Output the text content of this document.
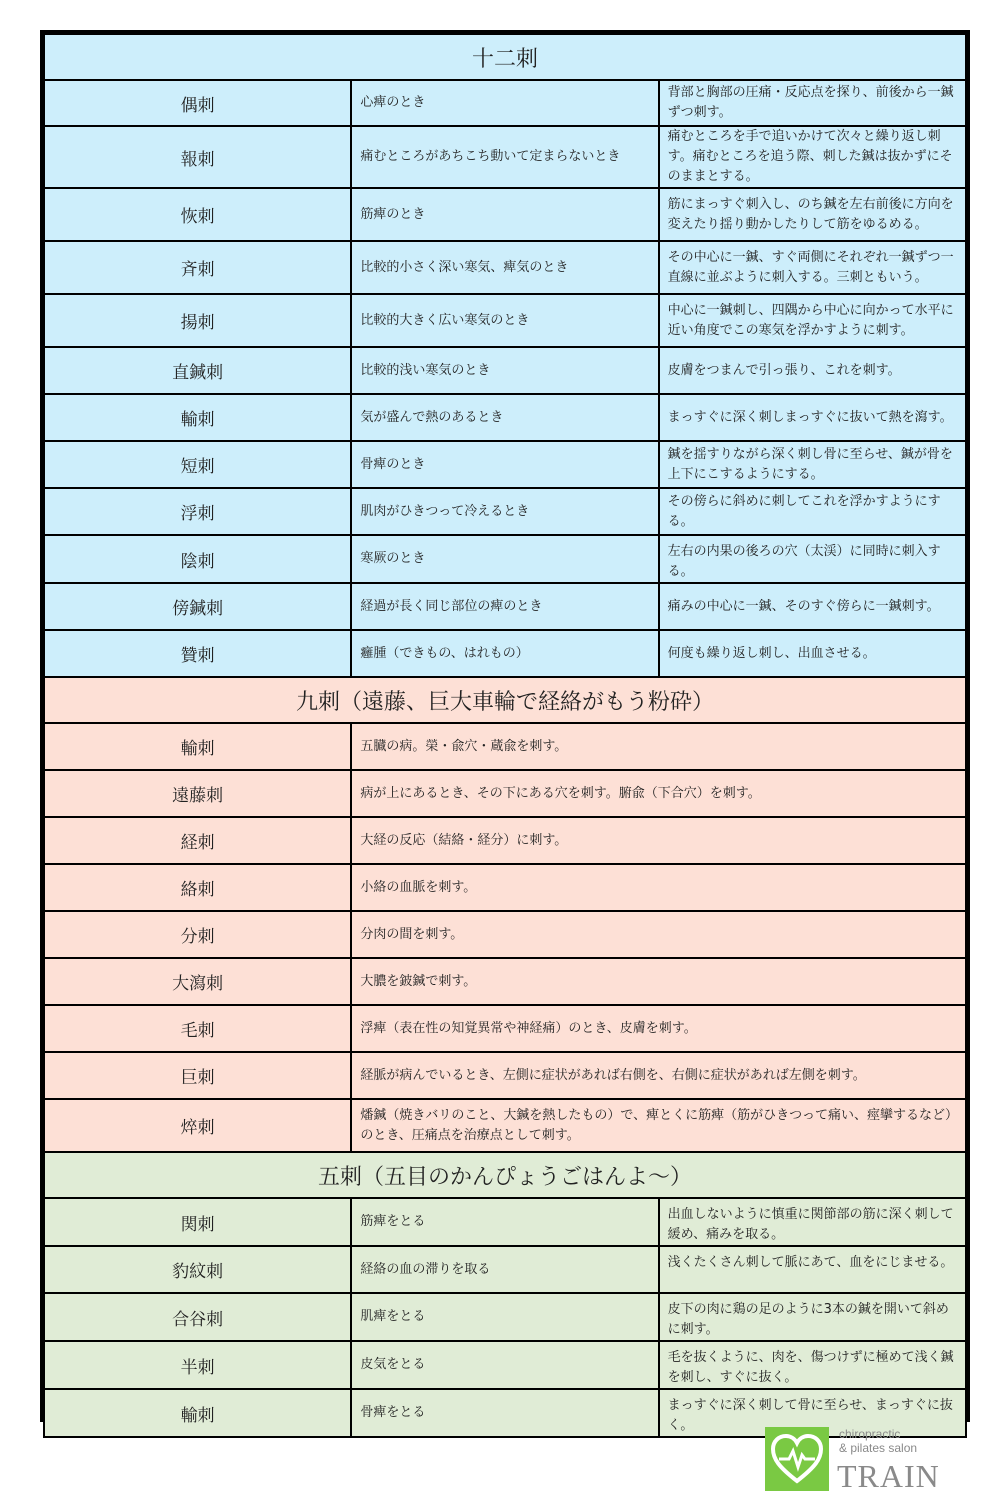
十二刺		
偶刺	心痺のとき	背部と胸部の圧痛・反応点を探り、前後から一鍼ずつ刺す。
報刺	痛むところがあちこち動いて定まらないとき	痛むところを手で追いかけて次々と繰り返し刺す。痛むところを追う際、刺した鍼は抜かずにそのままとする。
恢刺	筋痺のとき	筋にまっすぐ刺入し、のち鍼を左右前後に方向を変えたり揺り動かしたりして筋をゆるめる。
斉刺	比較的小さく深い寒気、痺気のとき	その中心に一鍼、すぐ両側にそれぞれ一鍼ずつ一直線に並ぶように刺入する。三刺ともいう。
揚刺	比較的大きく広い寒気のとき	中心に一鍼刺し、四隅から中心に向かって水平に近い角度でこの寒気を浮かすように刺す。
直鍼刺	比較的浅い寒気のとき	皮膚をつまんで引っ張り、これを刺す。
輸刺	気が盛んで熱のあるとき	まっすぐに深く刺しまっすぐに抜いて熱を瀉す。
短刺	骨痺のとき	鍼を揺すりながら深く刺し骨に至らせ、鍼が骨を上下にこするようにする。
浮刺	肌肉がひきつって冷えるとき	その傍らに斜めに刺してこれを浮かすようにする。
陰刺	寒厥のとき	左右の内果の後ろの穴（太渓）に同時に刺入する。
傍鍼刺	経過が長く同じ部位の痺のとき	痛みの中心に一鍼、そのすぐ傍らに一鍼刺す。
贊刺	癰腫（できもの、はれもの）	何度も繰り返し刺し、出血させる。
九刺（遠藤、巨大車輪で経絡がもう粉砕）		
輸刺	五臓の病。榮・兪穴・蔵兪を刺す。	
遠藤刺	病が上にあるとき、その下にある穴を刺す。腑兪（下合穴）を刺す。	
経刺	大経の反応（結絡・経分）に刺す。	
絡刺	小絡の血脈を刺す。	
分刺	分肉の間を刺す。	
大瀉刺	大膿を鈹鍼で刺す。	
毛刺	浮痺（表在性の知覚異常や神経痛）のとき、皮膚を刺す。	
巨刺	経脈が病んでいるとき、左側に症状があれば右側を、右側に症状があれば左側を刺す。	
焠刺	燔鍼（焼きバリのこと、大鍼を熱したもの）で、痺とくに筋痺（筋がひきつって痛い、痙攣するなど）のとき、圧痛点を治療点として刺す。	
五刺（五目のかんぴょうごはんよ〜）		
関刺	筋痺をとる	出血しないように慎重に関節部の筋に深く刺して緩め、痛みを取る。
豹紋刺	経絡の血の滞りを取る	浅くたくさん刺して脈にあて、血をにじませる。
合谷刺	肌痺をとる	皮下の肉に鶏の足のように3本の鍼を開いて斜めに刺す。
半刺	皮気をとる	毛を抜くように、肉を、傷つけずに極めて浅く鍼を刺し、すぐに抜く。
輸刺	骨痺をとる	まっすぐに深く刺して骨に至らせ、まっすぐに抜く。
chiropractic
& pilates salon
TRAIN
